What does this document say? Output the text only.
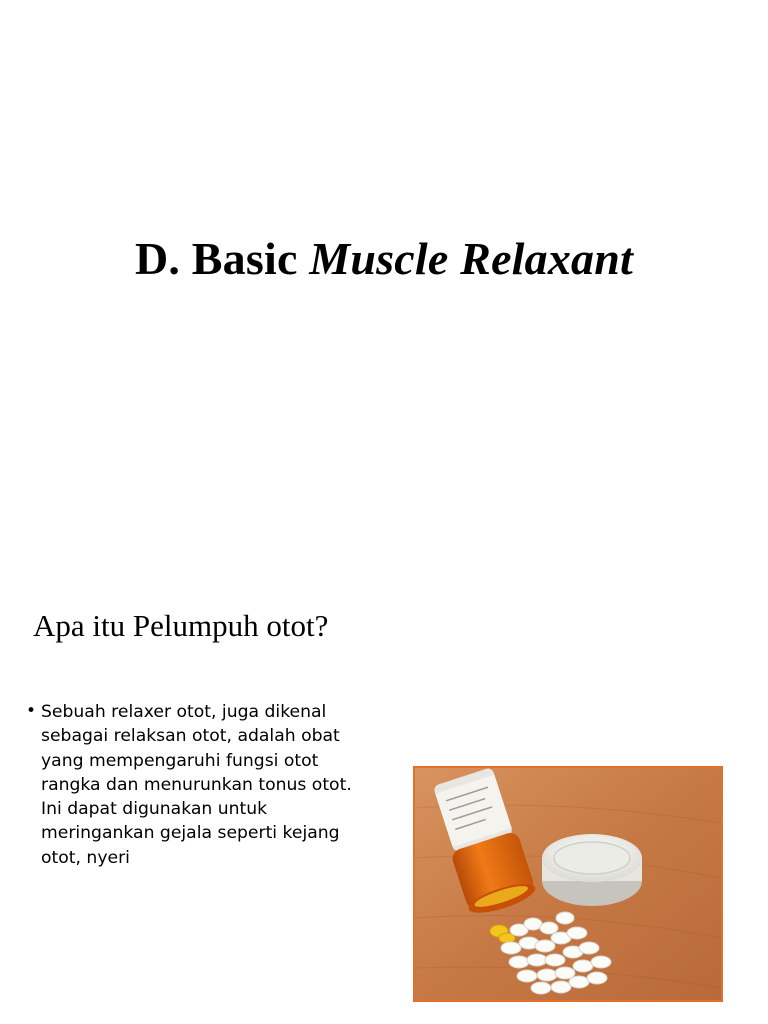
D. Basic Muscle Relaxant
Apa itu Pelumpuh otot?
• Sebuah relaxer otot, juga dikenal sebagai relaksan otot, adalah obat yang mempengaruhi fungsi otot rangka dan menurunkan tonus otot. Ini dapat digunakan untuk meringankan gejala seperti kejang otot, nyeri
